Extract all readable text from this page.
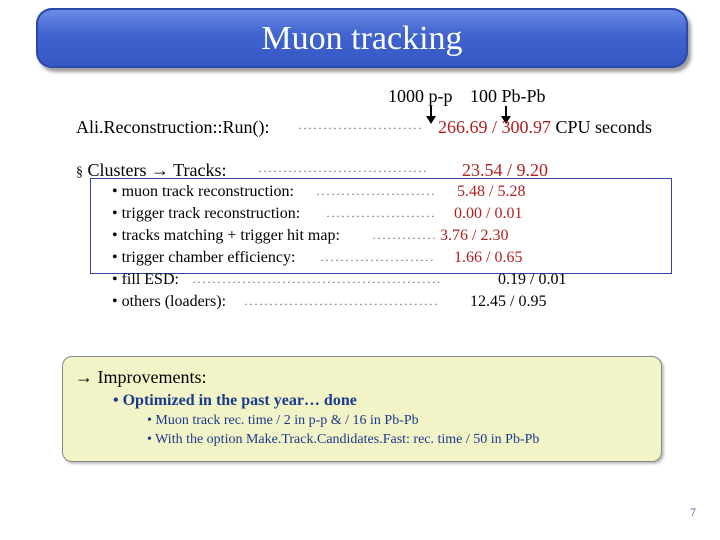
Muon tracking
1000 p-p 100 Pb-Pb
Ali.Reconstruction::Run(): ························· 266.69 / 300.97 CPU seconds
§ Clusters → Tracks:	·································· 23.54 / 9.20
• muon track reconstruction: ························ 5.48 / 5.28
• trigger track reconstruction: ······················ 0.00 / 0.01
• tracks matching + trigger hit map:	············· 3.76 / 2.30
• trigger chamber efficiency: ······················· 1.66 / 0.65
• fill ESD: ··················································	0.19 / 0.01
• others (loaders): ······································· 12.45 / 0.95
→ Improvements:
• Optimized in the past year… done
• Muon track rec. time / 2 in p-p & / 16 in Pb-Pb
• With the option Make.Track.Candidates.Fast: rec. time / 50 in Pb-Pb
7
